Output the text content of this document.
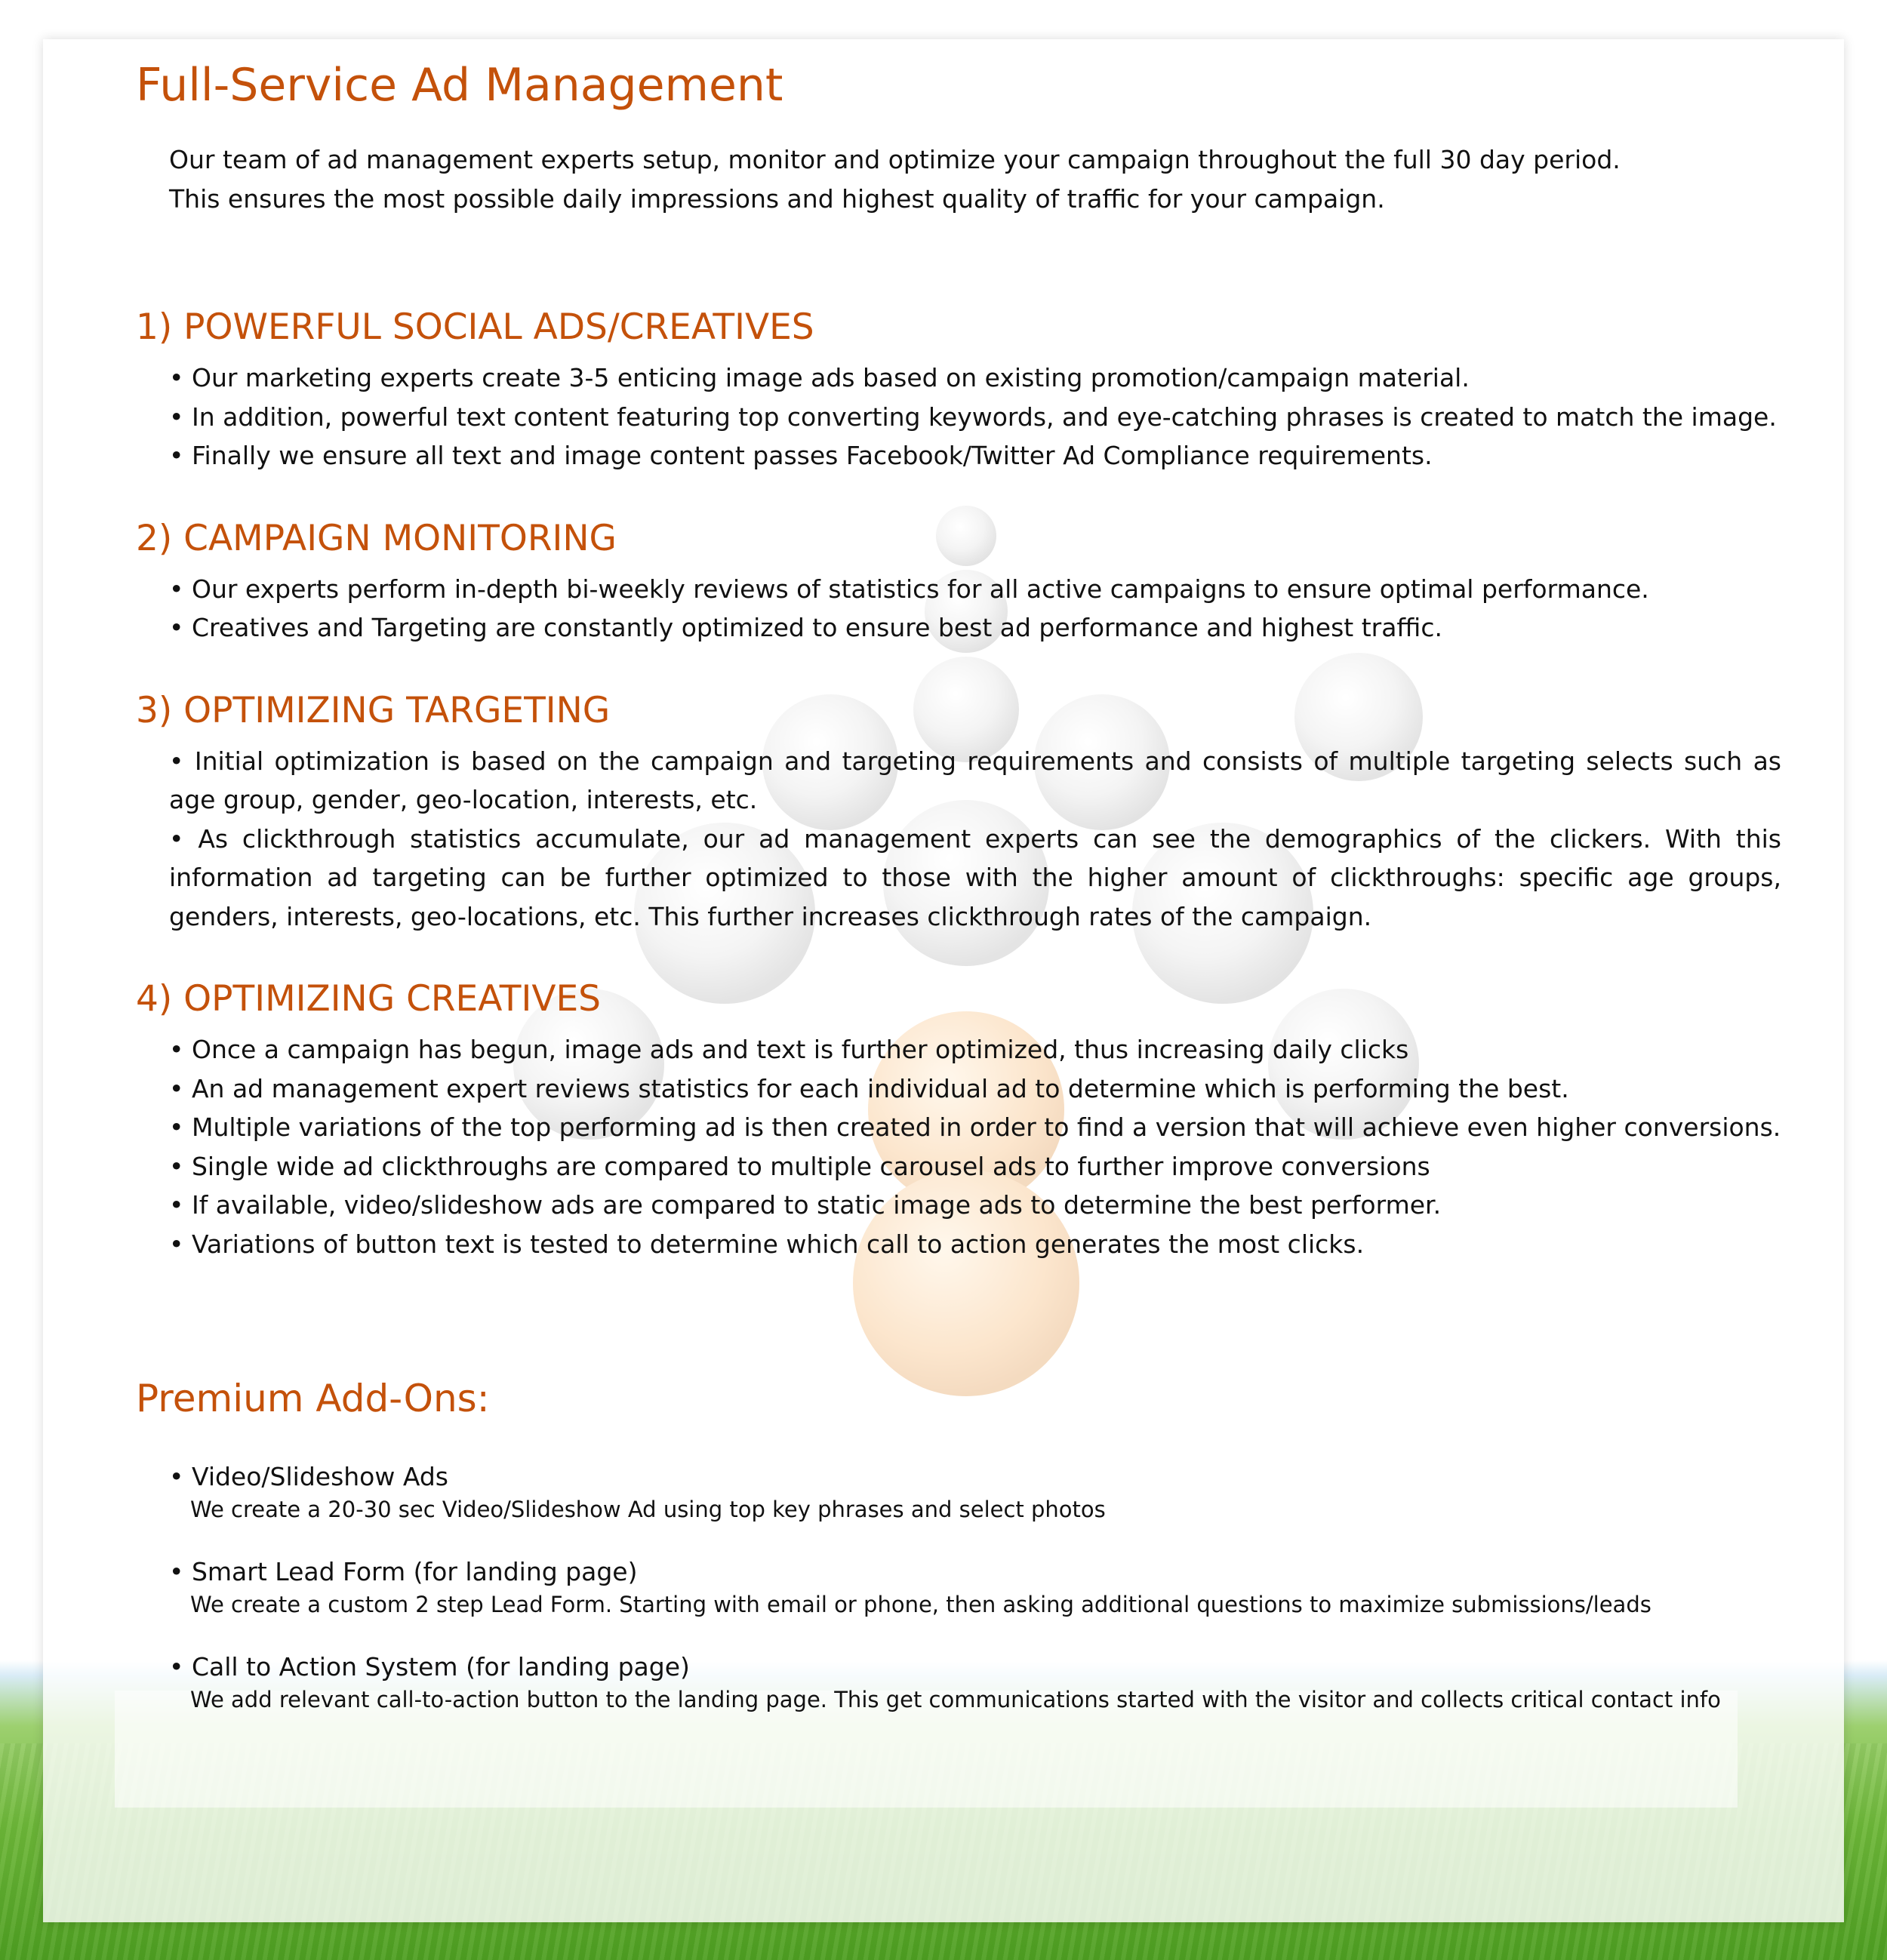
Full-Service Ad Management

Our team of ad management experts setup, monitor and optimize your campaign throughout the full 30 day period.

This ensures the most possible daily impressions and highest quality of traffic for your campaign.

1) POWERFUL SOCIAL ADS/CREATIVES
• Our marketing experts create 3-5 enticing image ads based on existing promotion/campaign material.
• In addition, powerful text content featuring top converting keywords, and eye-catching phrases is created to match the image.
• Finally we ensure all text and image content passes Facebook/Twitter Ad Compliance requirements.
2) CAMPAIGN MONITORING
• Our experts perform in-depth bi-weekly reviews of statistics for all active campaigns to ensure optimal performance.
• Creatives and Targeting are constantly optimized to ensure best ad performance and highest traffic.
3) OPTIMIZING TARGETING
• Initial optimization is based on the campaign and targeting requirements and consists of multiple targeting selects such as age group, gender, geo-location, interests, etc.
• As clickthrough statistics accumulate, our ad management experts can see the demographics of the clickers. With this information ad targeting can be further optimized to those with the higher amount of clickthroughs: specific age groups, genders, interests, geo-locations, etc. This further increases clickthrough rates of the campaign.
4) OPTIMIZING CREATIVES
• Once a campaign has begun, image ads and text is further optimized, thus increasing daily clicks
• An ad management expert reviews statistics for each individual ad to determine which is performing the best.
• Multiple variations of the top performing ad is then created in order to find a version that will achieve even higher conversions.
• Single wide ad clickthroughs are compared to multiple carousel ads to further improve conversions
• If available, video/slideshow ads are compared to static image ads to determine the best performer.
• Variations of button text is tested to determine which call to action generates the most clicks.
Premium Add-Ons:
• Video/Slideshow Ads
We create a 20-30 sec Video/Slideshow Ad using top key phrases and select photos
• Smart Lead Form (for landing page)
We create a custom 2 step Lead Form. Starting with email or phone, then asking additional questions to maximize submissions/leads
• Call to Action System (for landing page)
We add relevant call-to-action button to the landing page. This get communications started with the visitor and collects critical contact info
